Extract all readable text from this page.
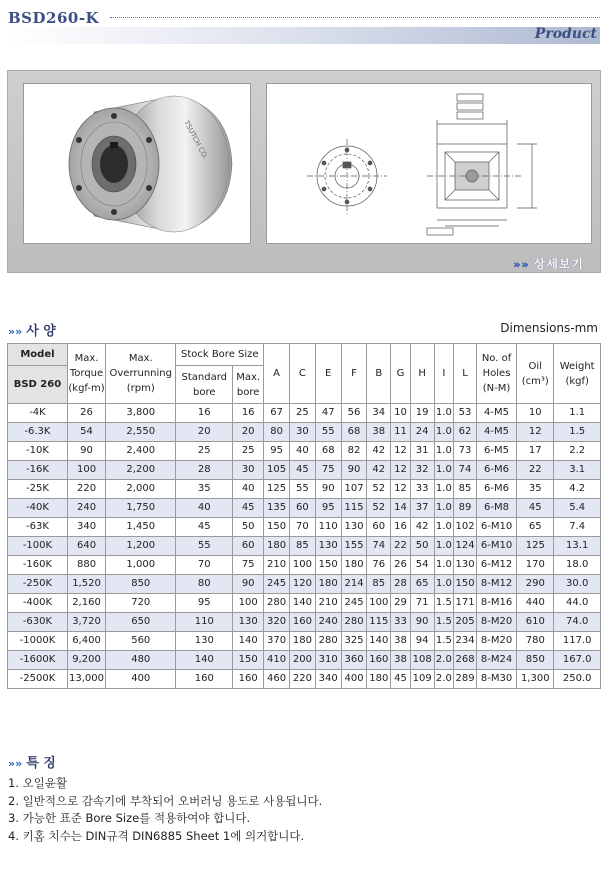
BSD260-K
Product
TSUTCH CO.
»» 상세보기
»» 사 양	Dimensions-mm
Model	Max. Torque (kgf-m)	Max. Overrunning (rpm)	Stock Bore Size		A	C	E	F	B	G	H	I	L	No. of Holes (N-M)	Oil (cm³)	Weight (kgf)
BSD 260			Standard bore	Max. bore												
-4K	26	3,800	16	16	67	25	47	56	34	10	19	1.0	53	4-M5	10	1.1
-6.3K	54	2,550	20	20	80	30	55	68	38	11	24	1.0	62	4-M5	12	1.5
-10K	90	2,400	25	25	95	40	68	82	42	12	31	1.0	73	6-M5	17	2.2
-16K	100	2,200	28	30	105	45	75	90	42	12	32	1.0	74	6-M6	22	3.1
-25K	220	2,000	35	40	125	55	90	107	52	12	33	1.0	85	6-M6	35	4.2
-40K	240	1,750	40	45	135	60	95	115	52	14	37	1.0	89	6-M8	45	5.4
-63K	340	1,450	45	50	150	70	110	130	60	16	42	1.0	102	6-M10	65	7.4
-100K	640	1,200	55	60	180	85	130	155	74	22	50	1.0	124	6-M10	125	13.1
-160K	880	1,000	70	75	210	100	150	180	76	26	54	1.0	130	6-M12	170	18.0
-250K	1,520	850	80	90	245	120	180	214	85	28	65	1.0	150	8-M12	290	30.0
-400K	2,160	720	95	100	280	140	210	245	100	29	71	1.5	171	8-M16	440	44.0
-630K	3,720	650	110	130	320	160	240	280	115	33	90	1.5	205	8-M20	610	74.0
-1000K	6,400	560	130	140	370	180	280	325	140	38	94	1.5	234	8-M20	780	117.0
-1600K	9,200	480	140	150	410	200	310	360	160	38	108	2.0	268	8-M24	850	167.0
-2500K	13,000	400	160	160	460	220	340	400	180	45	109	2.0	289	8-M30	1,300	250.0
»» 특 징
1. 오일윤활
2. 일반적으로 감속기에 부착되어 오버러닝 용도로 사용됩니다.
3. 가능한 표준 Bore Size를 적용하여야 합니다.
4. 키홈 치수는 DIN규격 DIN6885 Sheet 1에 의거합니다.
